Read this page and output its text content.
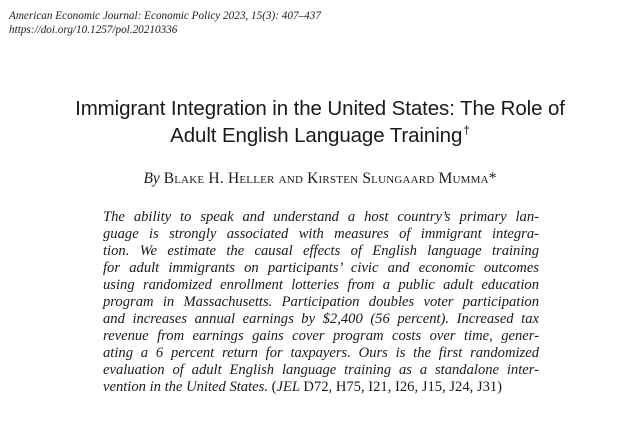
American Economic Journal: Economic Policy 2023, 15(3): 407–437
https://doi.org/10.1257/pol.20210336
Immigrant Integration in the United States: The Role of
Adult English Language Training†
By Blake H. Heller and Kirsten Slungaard Mumma*
The ability to speak and understand a host country’s primary lan-
guage is strongly associated with measures of immigrant integra-
tion. We estimate the causal effects of English language training
for adult immigrants on participants’ civic and economic outcomes
using randomized enrollment lotteries from a public adult education
program in Massachusetts. Participation doubles voter participation
and increases annual earnings by $2,400 (56 percent). Increased tax
revenue from earnings gains cover program costs over time, gener-
ating a 6 percent return for taxpayers. Ours is the first randomized
evaluation of adult English language training as a standalone inter-
vention in the United States. (JEL D72, H75, I21, I26, J15, J24, J31)
